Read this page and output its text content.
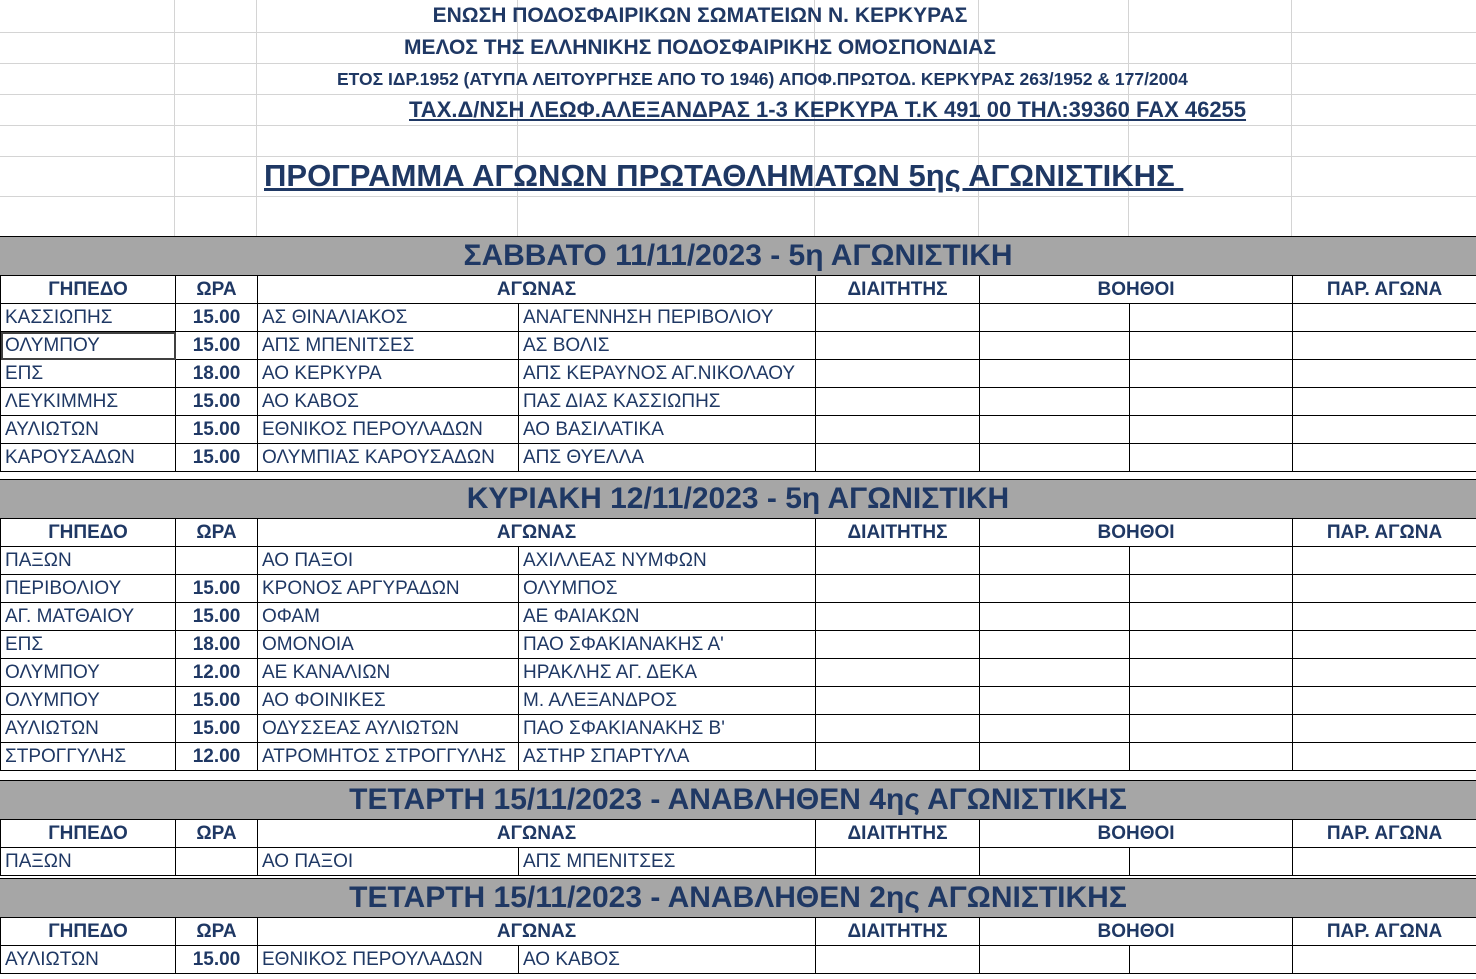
ΕΝΩΣΗ ΠΟΔΟΣΦΑΙΡΙΚΩΝ ΣΩΜΑΤΕΙΩΝ Ν. ΚΕΡΚΥΡΑΣ
ΜΕΛΟΣ ΤΗΣ ΕΛΛΗΝΙΚΗΣ ΠΟΔΟΣΦΑΙΡΙΚΗΣ ΟΜΟΣΠΟΝΔΙΑΣ
ΕΤΟΣ ΙΔΡ.1952 (ΑΤΥΠΑ ΛΕΙΤΟΥΡΓΗΣΕ ΑΠΟ ΤΟ 1946) ΑΠΟΦ.ΠΡΩΤΟΔ. ΚΕΡΚΥΡΑΣ 263/1952 & 177/2004
ΤΑΧ.Δ/ΝΣΗ ΛΕΩΦ.ΑΛΕΞΑΝΔΡΑΣ 1-3 ΚΕΡΚΥΡΑ Τ.Κ 491 00 ΤΗΛ:39360 FAX 46255
ΠΡΟΓΡΑΜΜΑ ΑΓΩΝΩΝ ΠΡΩΤΑΘΛΗΜΑΤΩΝ 5ης ΑΓΩΝΙΣΤΙΚΗΣ
ΣΑΒΒΑΤΟ 11/11/2023 - 5η ΑΓΩΝΙΣΤΙΚΗ
ΓΗΠΕΔΟ	ΩΡΑ	ΑΓΩΝΑΣ		ΔΙΑΙΤΗΤΗΣ	ΒΟΗΘΟΙ		ΠΑΡ. ΑΓΩΝΑ
ΚΑΣΣΙΩΠΗΣ	15.00	ΑΣ ΘΙΝΑΛΙΑΚΟΣ	ΑΝΑΓΕΝΝΗΣΗ ΠΕΡΙΒΟΛΙΟΥ				
ΟΛΥΜΠΟΥ	15.00	ΑΠΣ ΜΠΕΝΙΤΣΕΣ	ΑΣ ΒΟΛΙΣ				
ΕΠΣ	18.00	ΑΟ ΚΕΡΚΥΡΑ	ΑΠΣ ΚΕΡΑΥΝΟΣ ΑΓ.ΝΙΚΟΛΑΟΥ				
ΛΕΥΚΙΜΜΗΣ	15.00	ΑΟ ΚΑΒΟΣ	ΠΑΣ ΔΙΑΣ ΚΑΣΣΙΩΠΗΣ				
ΑΥΛΙΩΤΩΝ	15.00	ΕΘΝΙΚΟΣ ΠΕΡΟΥΛΑΔΩΝ	ΑΟ ΒΑΣΙΛΑΤΙΚΑ				
ΚΑΡΟΥΣΑΔΩΝ	15.00	ΟΛΥΜΠΙΑΣ ΚΑΡΟΥΣΑΔΩΝ	ΑΠΣ ΘΥΕΛΛΑ				
ΚΥΡΙΑΚΗ 12/11/2023 - 5η ΑΓΩΝΙΣΤΙΚΗ
ΓΗΠΕΔΟ	ΩΡΑ	ΑΓΩΝΑΣ		ΔΙΑΙΤΗΤΗΣ	ΒΟΗΘΟΙ		ΠΑΡ. ΑΓΩΝΑ
ΠΑΞΩΝ		ΑΟ ΠΑΞΟΙ	ΑΧΙΛΛΕΑΣ ΝΥΜΦΩΝ				
ΠΕΡΙΒΟΛΙΟΥ	15.00	ΚΡΟΝΟΣ ΑΡΓΥΡΑΔΩΝ	ΟΛΥΜΠΟΣ				
ΑΓ. ΜΑΤΘΑΙΟΥ	15.00	ΟΦΑΜ	ΑΕ ΦΑΙΑΚΩΝ				
ΕΠΣ	18.00	ΟΜΟΝΟΙΑ	ΠΑΟ ΣΦΑΚΙΑΝΑΚΗΣ Α'				
ΟΛΥΜΠΟΥ	12.00	ΑΕ ΚΑΝΑΛΙΩΝ	ΗΡΑΚΛΗΣ ΑΓ. ΔΕΚΑ				
ΟΛΥΜΠΟΥ	15.00	ΑΟ ΦΟΙΝΙΚΕΣ	Μ. ΑΛΕΞΑΝΔΡΟΣ				
ΑΥΛΙΩΤΩΝ	15.00	ΟΔΥΣΣΕΑΣ ΑΥΛΙΩΤΩΝ	ΠΑΟ ΣΦΑΚΙΑΝΑΚΗΣ Β'				
ΣΤΡΟΓΓΥΛΗΣ	12.00	ΑΤΡΟΜΗΤΟΣ ΣΤΡΟΓΓΥΛΗΣ	ΑΣΤΗΡ ΣΠΑΡΤΥΛΑ				
ΤΕΤΑΡΤΗ 15/11/2023 - ΑΝΑΒΛΗΘΕΝ 4ης ΑΓΩΝΙΣΤΙΚΗΣ
ΓΗΠΕΔΟ	ΩΡΑ	ΑΓΩΝΑΣ		ΔΙΑΙΤΗΤΗΣ	ΒΟΗΘΟΙ		ΠΑΡ. ΑΓΩΝΑ
ΠΑΞΩΝ		ΑΟ ΠΑΞΟΙ	ΑΠΣ ΜΠΕΝΙΤΣΕΣ				
ΤΕΤΑΡΤΗ 15/11/2023 - ΑΝΑΒΛΗΘΕΝ 2ης ΑΓΩΝΙΣΤΙΚΗΣ
ΓΗΠΕΔΟ	ΩΡΑ	ΑΓΩΝΑΣ		ΔΙΑΙΤΗΤΗΣ	ΒΟΗΘΟΙ		ΠΑΡ. ΑΓΩΝΑ
ΑΥΛΙΩΤΩΝ	15.00	ΕΘΝΙΚΟΣ ΠΕΡΟΥΛΑΔΩΝ	ΑΟ ΚΑΒΟΣ				
